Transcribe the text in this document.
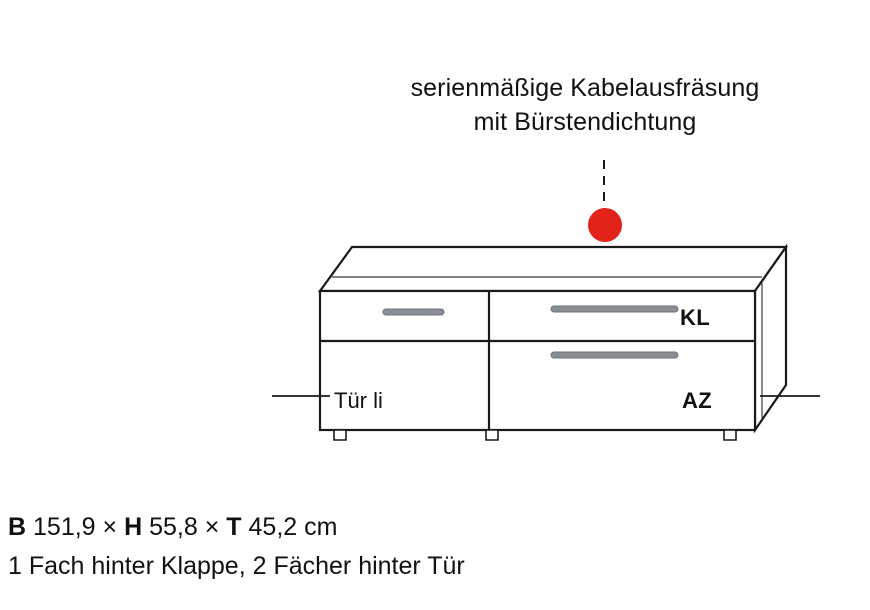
serienmäßige Kabelausfräsung
mit Bürstendichtung
KL
AZ
Tür li
B 151,9 × H 55,8 × T 45,2 cm
1 Fach hinter Klappe, 2 Fächer hinter Tür
